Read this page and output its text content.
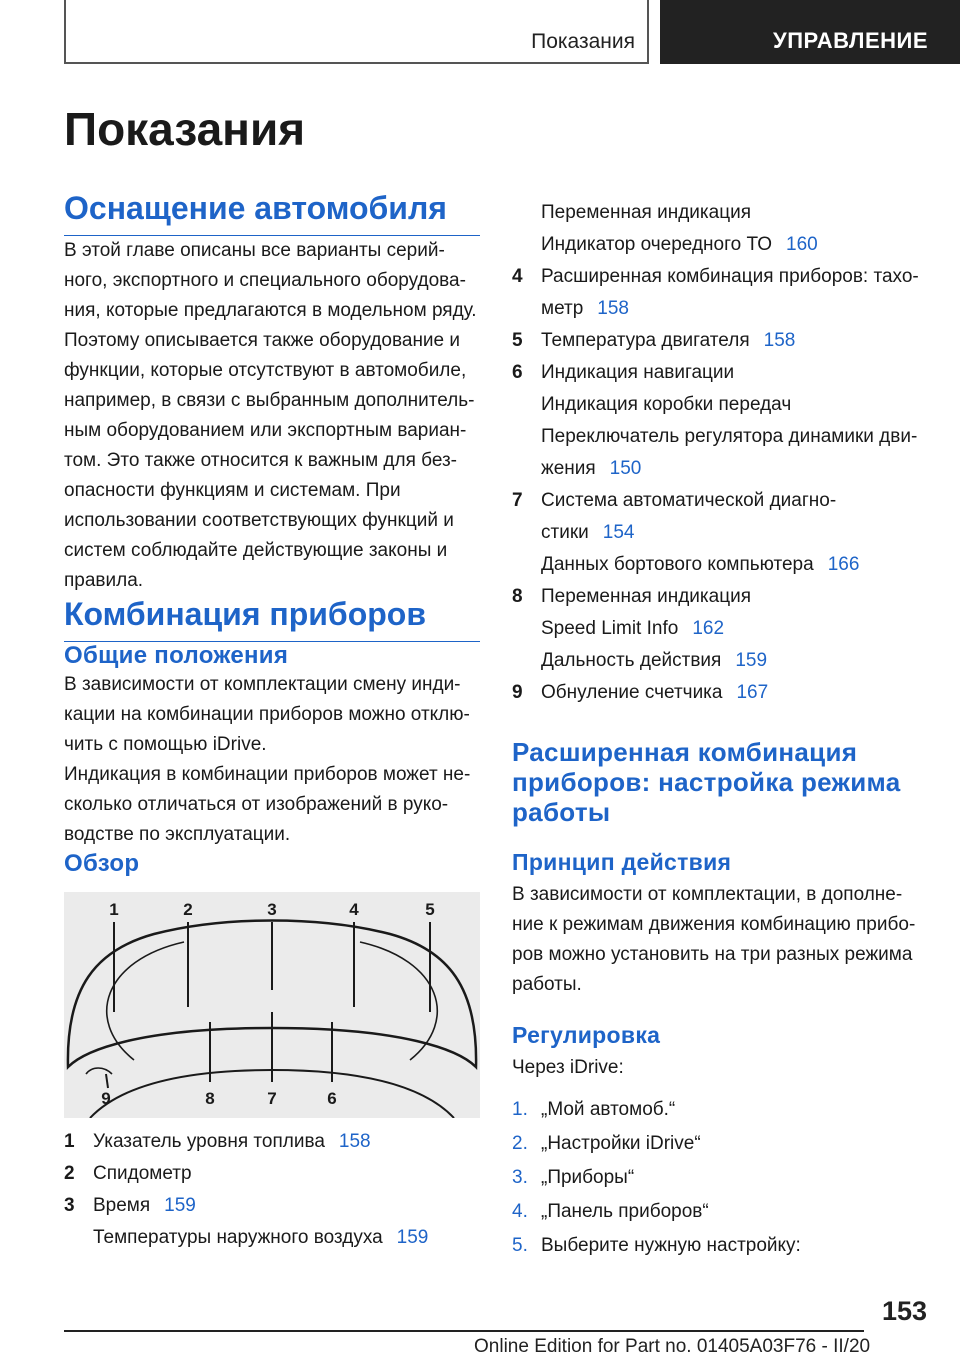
Показания	УПРАВЛЕНИЕ
Показания
Оснащение автомобиля

В этой главе описаны все варианты серий-
ного, экспортного и специального оборудова-
ния, которые предлагаются в модельном ряду.
Поэтому описывается также оборудование и
функции, которые отсутствуют в автомобиле,
например, в связи с выбранным дополнитель-
ным оборудованием или экспортным вариан-
том. Это также относится к важным для без-
опасности функциям и системам. При
использовании соответствующих функций и
систем соблюдайте действующие законы и
правила.

Комбинация приборов
Общие положения

В зависимости от комплектации смену инди-
кации на комбинации приборов можно отклю-
чить с помощью iDrive.

Индикация в комбинации приборов может не-
сколько отличаться от изображений в руко-
водстве по эксплуатации.

Обзор
1	2	3	4	5
9	8	7	6
1 Указатель уровня топлива 158
2 Спидометр
3 Время 159
Температуры наружного воздуха 159
Переменная индикация
Индикатор очередного ТО 160
4 Расширенная комбинация приборов: тахо-
метр 158
5 Температура двигателя 158
6 Индикация навигации
Индикация коробки передач
Переключатель регулятора динамики дви-
жения 150
7 Система автоматической диагно-
стики 154
Данных бортового компьютера 166
8 Переменная индикация
Speed Limit Info 162
Дальность действия 159
9 Обнуление счетчика 167
Расширенная комбинация
приборов: настройка режима
работы
Принцип действия

В зависимости от комплектации, в дополне-
ние к режимам движения комбинацию прибо-
ров можно установить на три разных режима
работы.

Регулировка

Через iDrive:

1. „Мой автомоб.“
2. „Настройки iDrive“
3. „Приборы“
4. „Панель приборов“
5. Выберите нужную настройку:
153
Online Edition for Part no. 01405A03F76 - II/20
